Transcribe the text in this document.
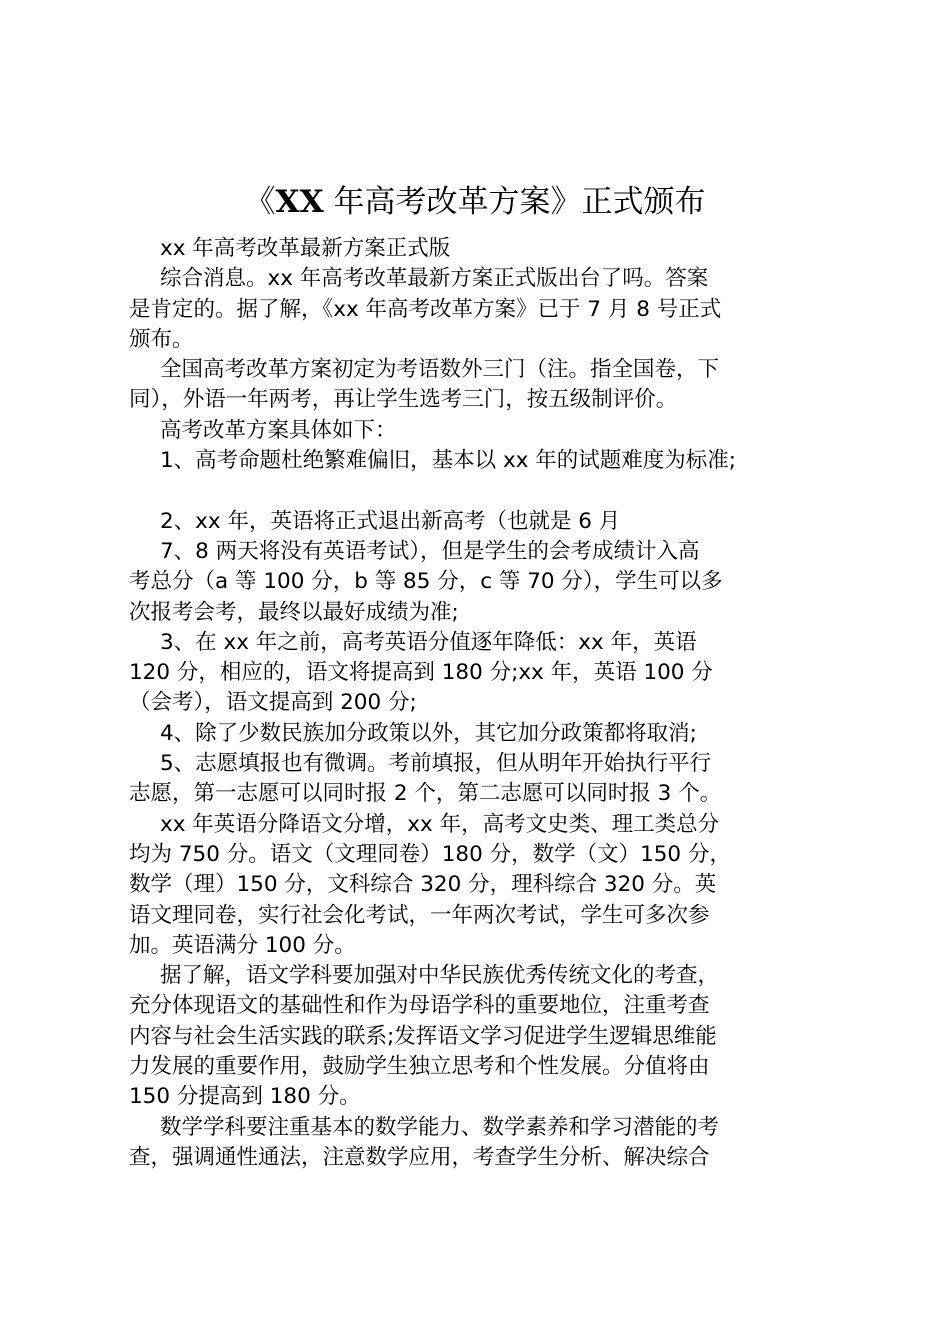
《XX 年高考改革方案》正式颁布
xx 年高考改革最新方案正式版
综合消息。xx 年高考改革最新方案正式版出台了吗。答案
是肯定的。据了解，《xx 年高考改革方案》已于 7 月 8 号正式
颁布。
全国高考改革方案初定为考语数外三门（注。指全国卷，下
同），外语一年两考，再让学生选考三门，按五级制评价。
高考改革方案具体如下：
1、高考命题杜绝繁难偏旧，基本以 xx 年的试题难度为标准;
2、xx 年，英语将正式退出新高考（也就是 6 月
7、8 两天将没有英语考试），但是学生的会考成绩计入高
考总分（a 等 100 分，b 等 85 分，c 等 70 分），学生可以多
次报考会考，最终以最好成绩为准;
3、在 xx 年之前，高考英语分值逐年降低：xx 年，英语
120 分，相应的，语文将提高到 180 分;xx 年，英语 100 分
（会考），语文提高到 200 分;
4、除了少数民族加分政策以外，其它加分政策都将取消;
5、志愿填报也有微调。考前填报，但从明年开始执行平行
志愿，第一志愿可以同时报 2 个，第二志愿可以同时报 3 个。
xx 年英语分降语文分增，xx 年，高考文史类、理工类总分
均为 750 分。语文（文理同卷）180 分，数学（文）150 分，
数学（理）150 分，文科综合 320 分，理科综合 320 分。英
语文理同卷，实行社会化考试，一年两次考试，学生可多次参
加。英语满分 100 分。
据了解，语文学科要加强对中华民族优秀传统文化的考查，
充分体现语文的基础性和作为母语学科的重要地位，注重考查
内容与社会生活实践的联系;发挥语文学习促进学生逻辑思维能
力发展的重要作用，鼓励学生独立思考和个性发展。分值将由
150 分提高到 180 分。
数学学科要注重基本的数学能力、数学素养和学习潜能的考
查，强调通性通法，注意数学应用，考查学生分析、解决综合
